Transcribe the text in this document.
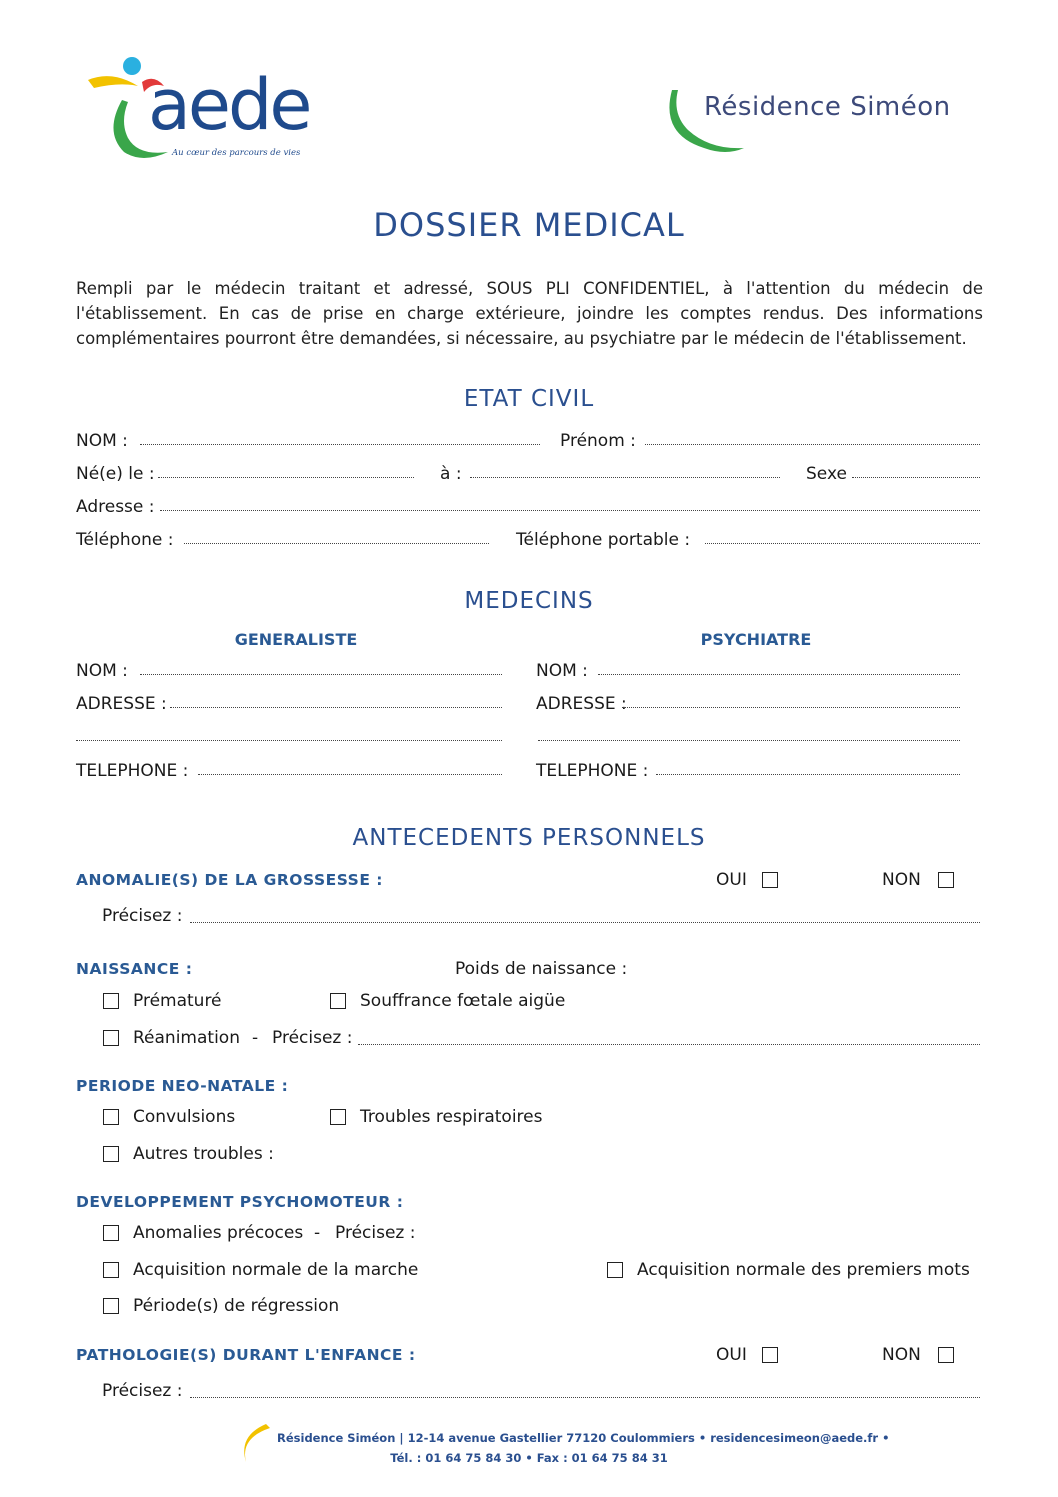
aede
Au cœur des parcours de vies
Résidence Siméon
DOSSIER MEDICAL
Rempli par le médecin traitant et adressé, SOUS PLI CONFIDENTIEL, à l'attention du médecin de l'établissement. En cas de prise en charge extérieure, joindre les comptes rendus. Des informations complémentaires pourront être demandées, si nécessaire, au psychiatre par le médecin de l'établissement.
ETAT CIVIL
NOM :	Prénom :
Né(e) le :	à :	Sexe
Adresse :
Téléphone :	Téléphone portable :
MEDECINS
GENERALISTE	PSYCHIATRE
NOM :	NOM :
ADRESSE :	ADRESSE :
TELEPHONE :	TELEPHONE :
ANTECEDENTS PERSONNELS
ANOMALIE(S) DE LA GROSSESSE :	OUI	NON
Précisez :
NAISSANCE :	Poids de naissance :
Prématuré	Souffrance fœtale aigüe
Réanimation - Précisez :
PERIODE NEO-NATALE :
Convulsions	Troubles respiratoires
Autres troubles :
DEVELOPPEMENT PSYCHOMOTEUR :
Anomalies précoces - Précisez :
Acquisition normale de la marche	Acquisition normale des premiers mots
Période(s) de régression
PATHOLOGIE(S) DURANT L'ENFANCE :	OUI	NON
Précisez :
Résidence Siméon | 12-14 avenue Gastellier 77120 Coulommiers • residencesimeon@aede.fr •
Tél. : 01 64 75 84 30 • Fax : 01 64 75 84 31
